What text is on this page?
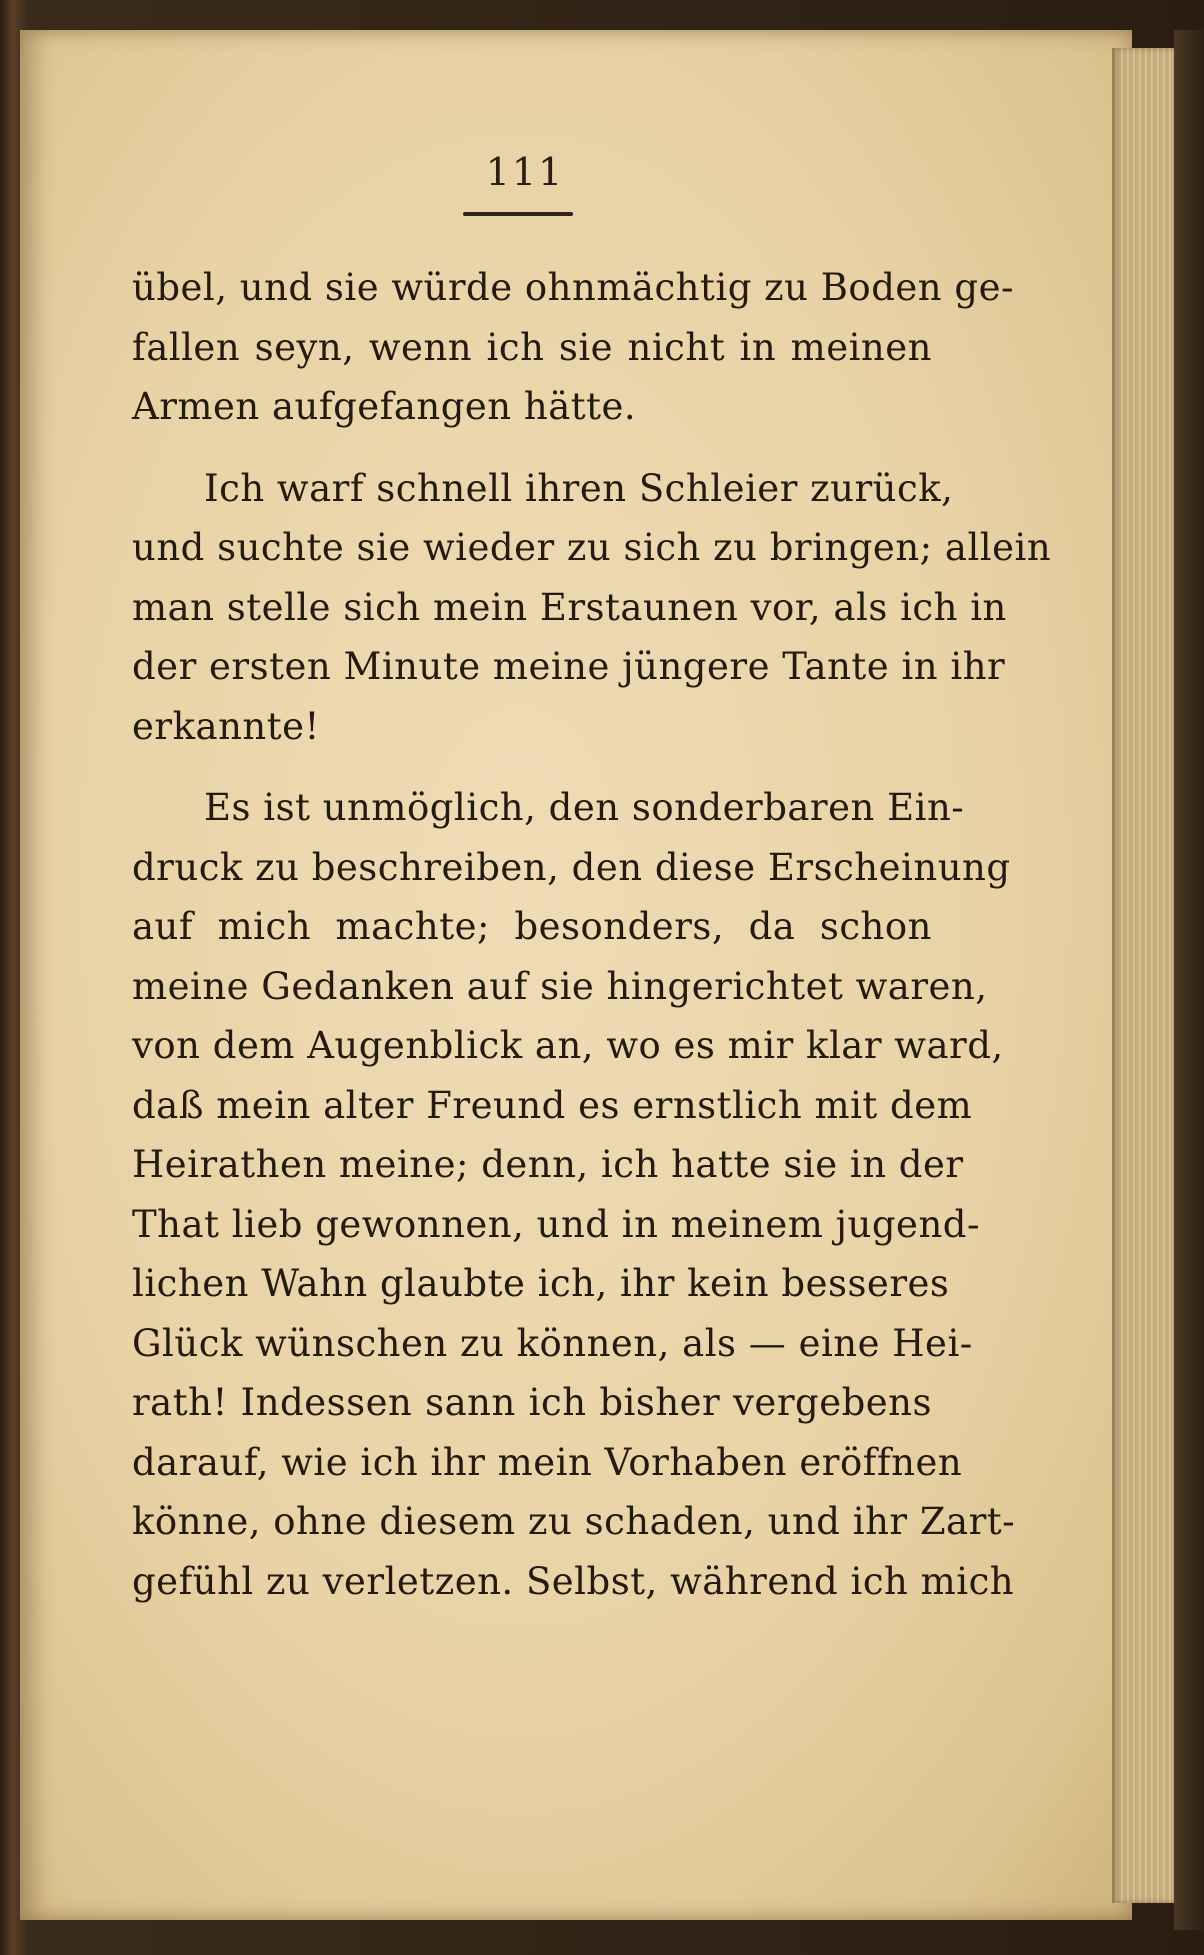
111
übel, und sie würde ohnmächtig zu Boden ge-
fallen seyn, wenn ich sie nicht in meinen
Armen aufgefangen hätte.
Ich warf schnell ihren Schleier zurück,
und suchte sie wieder zu sich zu bringen; allein
man stelle sich mein Erstaunen vor, als ich in
der ersten Minute meine jüngere Tante in ihr
erkannte!
Es ist unmöglich, den sonderbaren Ein-
druck zu beschreiben, den diese Erscheinung
auf mich machte; besonders, da schon
meine Gedanken auf sie hingerichtet waren,
von dem Augenblick an, wo es mir klar ward,
daß mein alter Freund es ernstlich mit dem
Heirathen meine; denn, ich hatte sie in der
That lieb gewonnen, und in meinem jugend-
lichen Wahn glaubte ich, ihr kein besseres
Glück wünschen zu können, als — eine Hei-
rath! Indessen sann ich bisher vergebens
darauf, wie ich ihr mein Vorhaben eröffnen
könne, ohne diesem zu schaden, und ihr Zart-
gefühl zu verletzen. Selbst, während ich mich
